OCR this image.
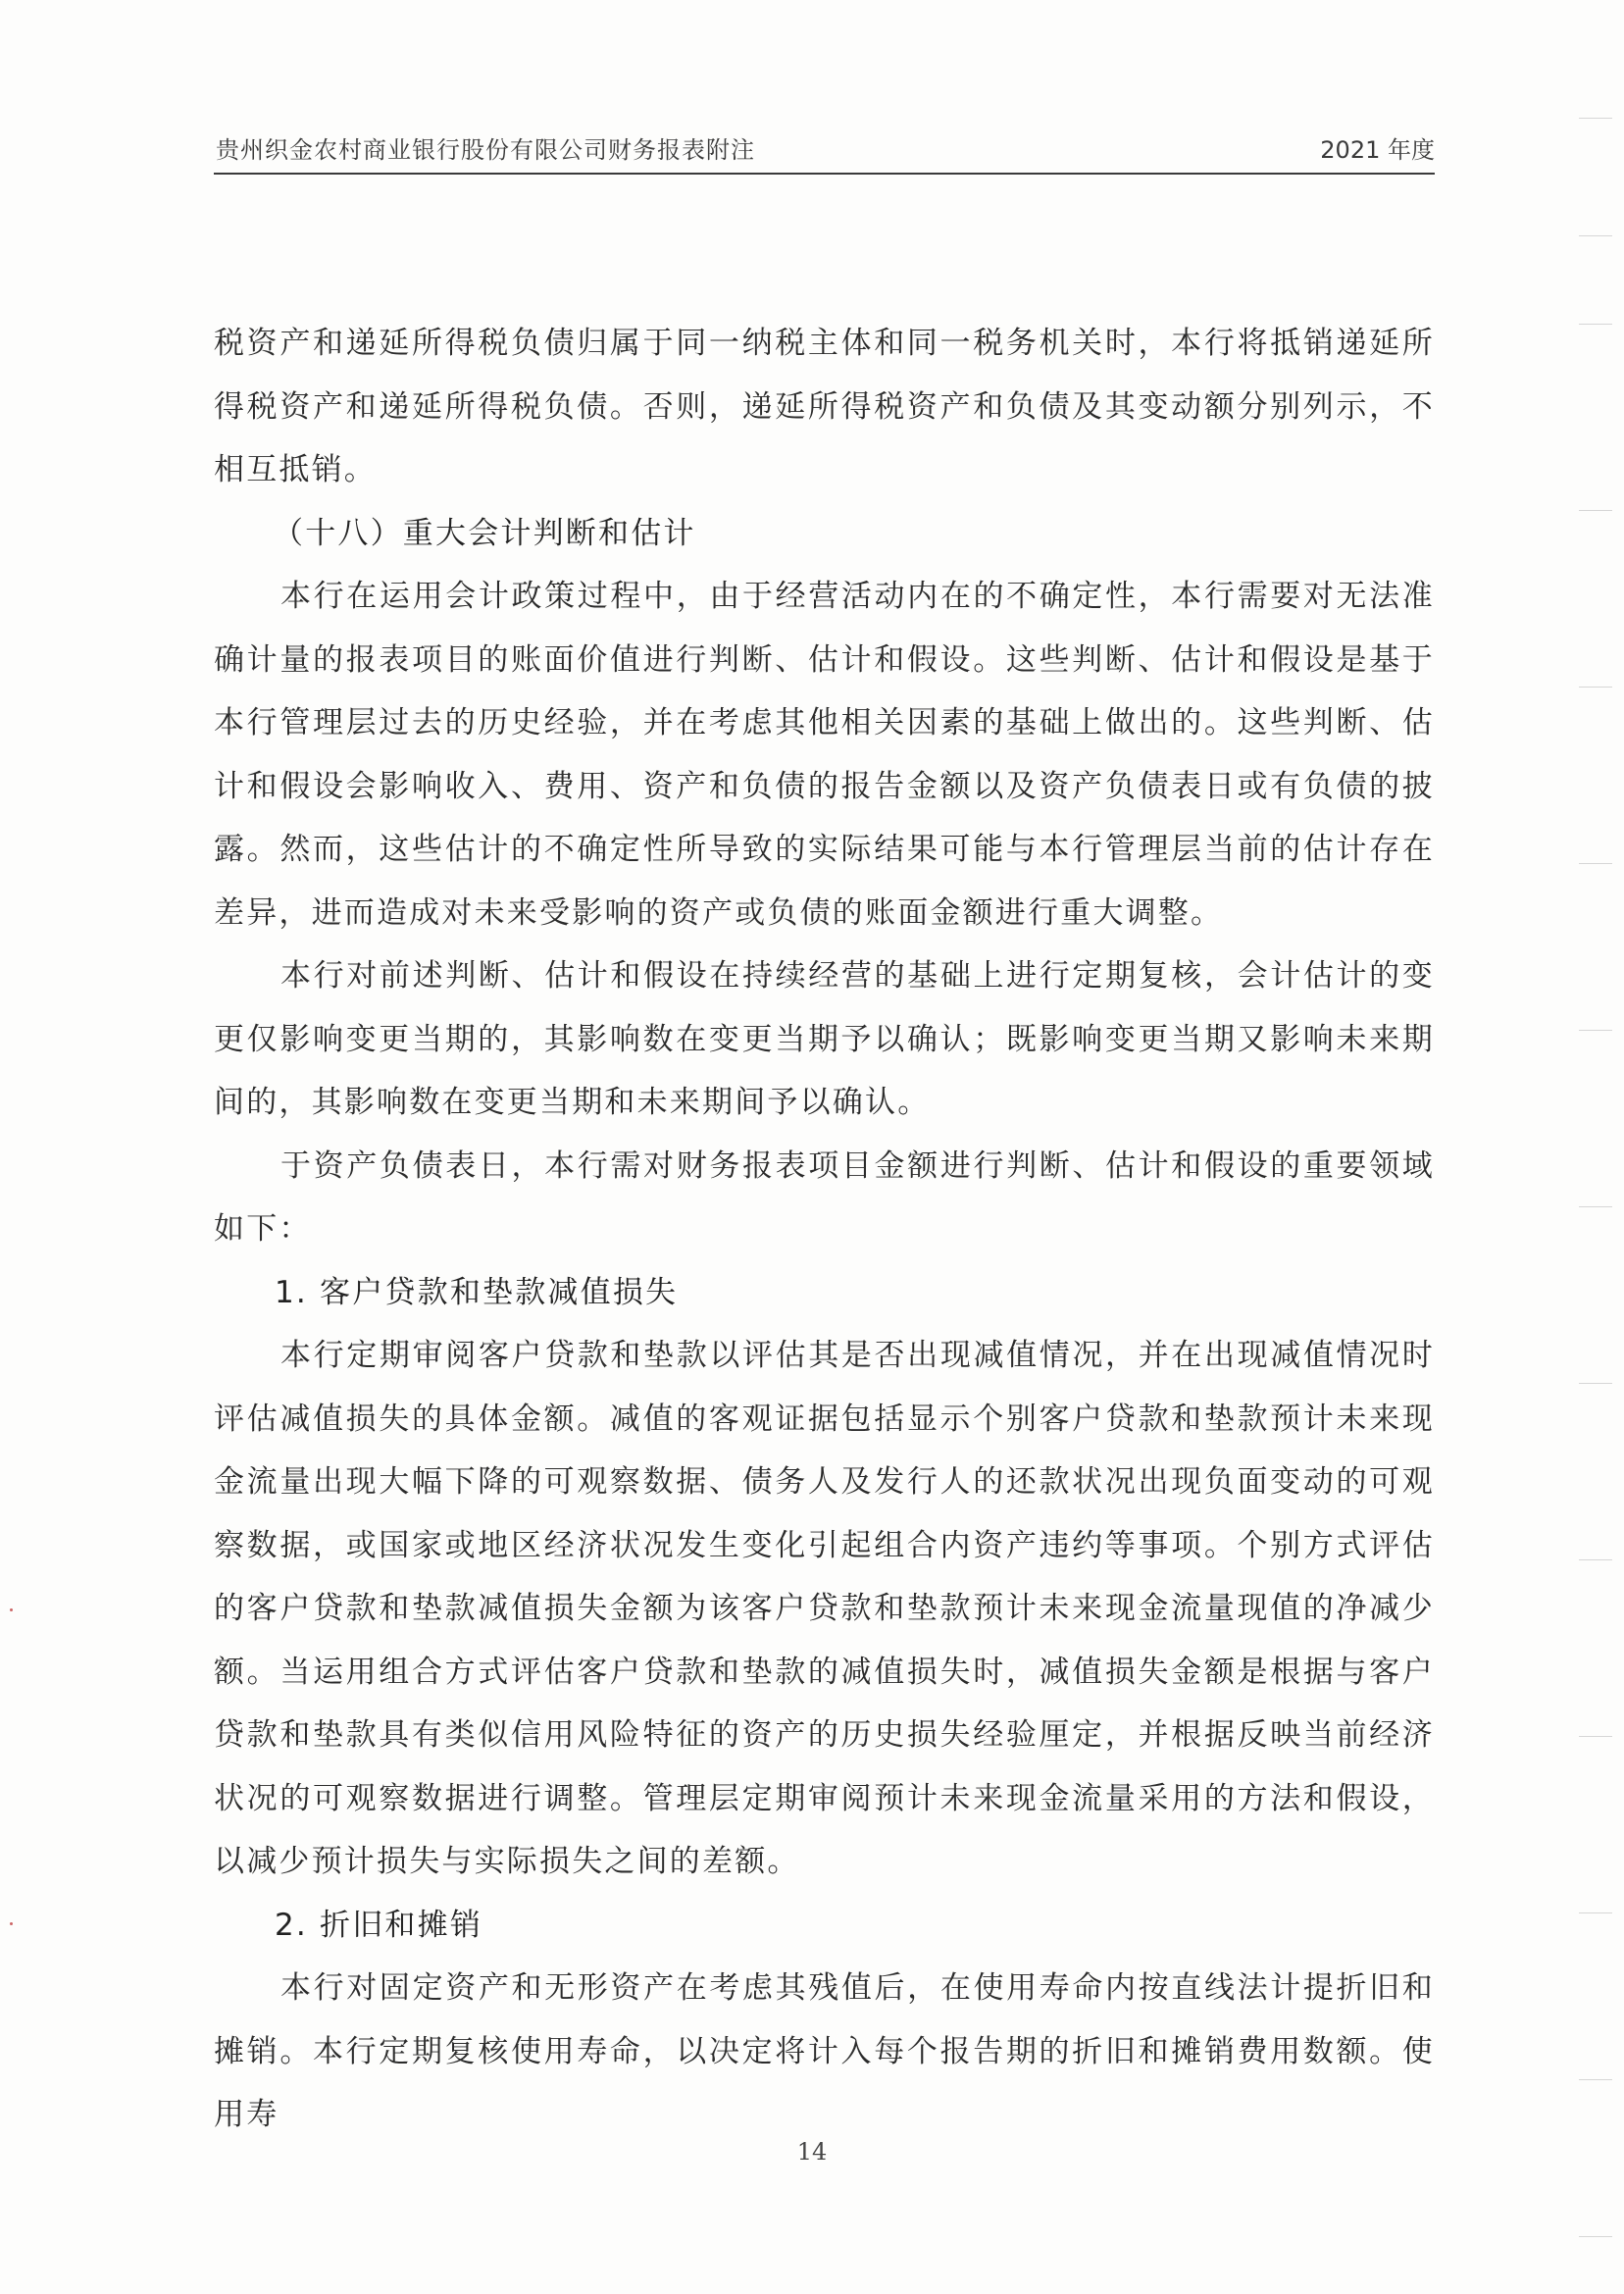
贵州织金农村商业银行股份有限公司财务报表附注	2021 年度

税资产和递延所得税负债归属于同一纳税主体和同一税务机关时，本行将抵销递延所得税资产和递延所得税负债。否则，递延所得税资产和负债及其变动额分别列示，不相互抵销。

（十八）重大会计判断和估计

本行在运用会计政策过程中，由于经营活动内在的不确定性，本行需要对无法准确计量的报表项目的账面价值进行判断、估计和假设。这些判断、估计和假设是基于本行管理层过去的历史经验，并在考虑其他相关因素的基础上做出的。这些判断、估计和假设会影响收入、费用、资产和负债的报告金额以及资产负债表日或有负债的披露。然而，这些估计的不确定性所导致的实际结果可能与本行管理层当前的估计存在差异，进而造成对未来受影响的资产或负债的账面金额进行重大调整。

本行对前述判断、估计和假设在持续经营的基础上进行定期复核，会计估计的变更仅影响变更当期的，其影响数在变更当期予以确认；既影响变更当期又影响未来期间的，其影响数在变更当期和未来期间予以确认。

于资产负债表日，本行需对财务报表项目金额进行判断、估计和假设的重要领域如下：

1. 客户贷款和垫款减值损失

本行定期审阅客户贷款和垫款以评估其是否出现减值情况，并在出现减值情况时评估减值损失的具体金额。减值的客观证据包括显示个别客户贷款和垫款预计未来现金流量出现大幅下降的可观察数据、债务人及发行人的还款状况出现负面变动的可观察数据，或国家或地区经济状况发生变化引起组合内资产违约等事项。个别方式评估的客户贷款和垫款减值损失金额为该客户贷款和垫款预计未来现金流量现值的净减少额。当运用组合方式评估客户贷款和垫款的减值损失时，减值损失金额是根据与客户贷款和垫款具有类似信用风险特征的资产的历史损失经验厘定，并根据反映当前经济状况的可观察数据进行调整。管理层定期审阅预计未来现金流量采用的方法和假设，以减少预计损失与实际损失之间的差额。

2. 折旧和摊销

本行对固定资产和无形资产在考虑其残值后，在使用寿命内按直线法计提折旧和摊销。本行定期复核使用寿命，以决定将计入每个报告期的折旧和摊销费用数额。使用寿

14
